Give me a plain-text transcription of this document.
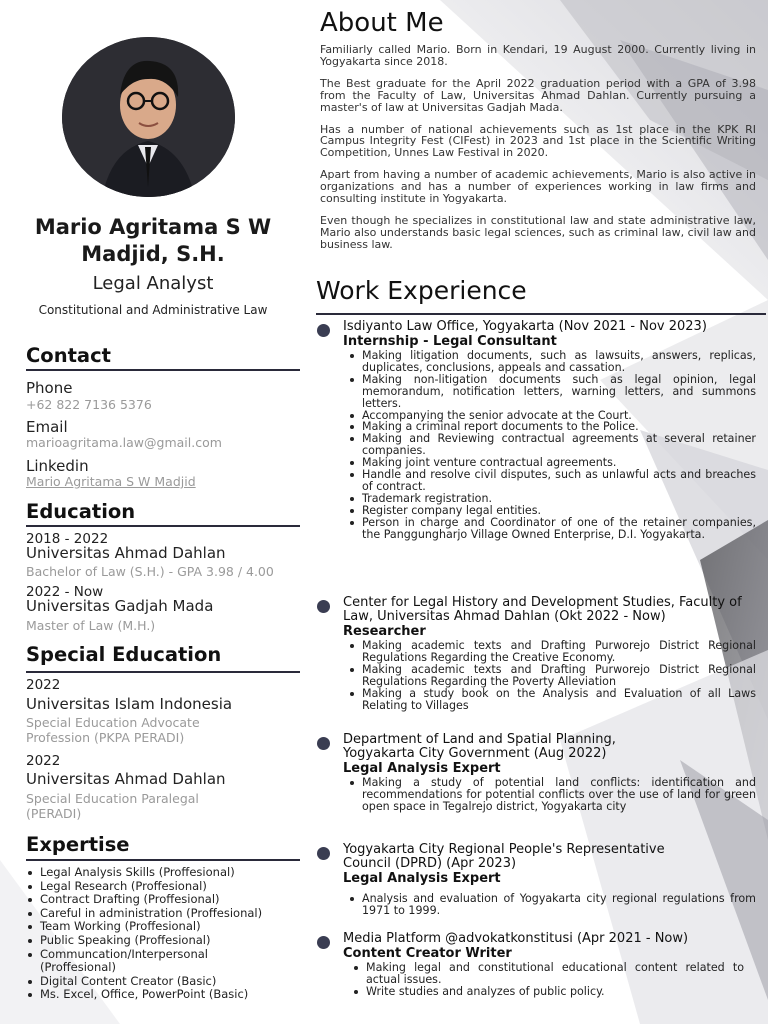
Mario Agritama S W
Madjid, S.H.
Legal Analyst
Constitutional and Administrative Law
Contact
Phone
+62 822 7136 5376
Email
marioagritama.law@gmail.com
Linkedin
Mario Agritama S W Madjid
Education
2018 - 2022
Universitas Ahmad Dahlan
Bachelor of Law (S.H.) - GPA 3.98 / 4.00
2022 - Now
Universitas Gadjah Mada
Master of Law (M.H.)
Special Education
2022
Universitas Islam Indonesia
Special Education Advocate
Profession (PKPA PERADI)
2022
Universitas Ahmad Dahlan
Special Education Paralegal
(PERADI)
Expertise
Legal Analysis Skills (Proffesional)
Legal Research (Proffesional)
Contract Drafting (Proffesional)
Careful in administration (Proffesional)
Team Working (Proffesional)
Public Speaking (Proffesional)
Communcation/Interpersonal (Proffesional)
Digital Content Creator (Basic)
Ms. Excel, Office, PowerPoint (Basic)
About Me

Familiarly called Mario. Born in Kendari, 19 August 2000. Currently living in Yogyakarta since 2018.

The Best graduate for the April 2022 graduation period with a GPA of 3.98 from the Faculty of Law, Universitas Ahmad Dahlan. Currently pursuing a master's of law at Universitas Gadjah Mada.

Has a number of national achievements such as 1st place in the KPK RI Campus Integrity Fest (CIFest) in 2023 and 1st place in the Scientific Writing Competition, Unnes Law Festival in 2020.

Apart from having a number of academic achievements, Mario is also active in organizations and has a number of experiences working in law firms and consulting institute in Yogyakarta.

Even though he specializes in constitutional law and state administrative law, Mario also understands basic legal sciences, such as criminal law, civil law and business law.

Work Experience
Isdiyanto Law Office, Yogyakarta (Nov 2021 - Nov 2023)
Internship - Legal Consultant
Making litigation documents, such as lawsuits, answers, replicas, duplicates, conclusions, appeals and cassation.
Making non-litigation documents such as legal opinion, legal memorandum, notification letters, warning letters, and summons letters.
Accompanying the senior advocate at the Court.
Making a criminal report documents to the Police.
Making and Reviewing contractual agreements at several retainer companies.
Making joint venture contractual agreements.
Handle and resolve civil disputes, such as unlawful acts and breaches of contract.
Trademark registration.
Register company legal entities.
Person in charge and Coordinator of one of the retainer companies, the Panggungharjo Village Owned Enterprise, D.I. Yogyakarta.
Center for Legal History and Development Studies, Faculty of Law, Universitas Ahmad Dahlan (Okt 2022 - Now)
Researcher
Making academic texts and Drafting Purworejo District Regional Regulations Regarding the Creative Economy.
Making academic texts and Drafting Purworejo District Regional Regulations Regarding the Poverty Alleviation
Making a study book on the Analysis and Evaluation of all Laws Relating to Villages
Department of Land and Spatial Planning, Yogyakarta City Government (Aug 2022)
Legal Analysis Expert
Making a study of potential land conflicts: identification and recommendations for potential conflicts over the use of land for green open space in Tegalrejo district, Yogyakarta city
Yogyakarta City Regional People's Representative Council (DPRD) (Apr 2023)
Legal Analysis Expert
Analysis and evaluation of Yogyakarta city regional regulations from 1971 to 1999.
Media Platform @advokatkonstitusi (Apr 2021 - Now)
Content Creator Writer
Making legal and constitutional educational content related to actual issues.
Write studies and analyzes of public policy.
